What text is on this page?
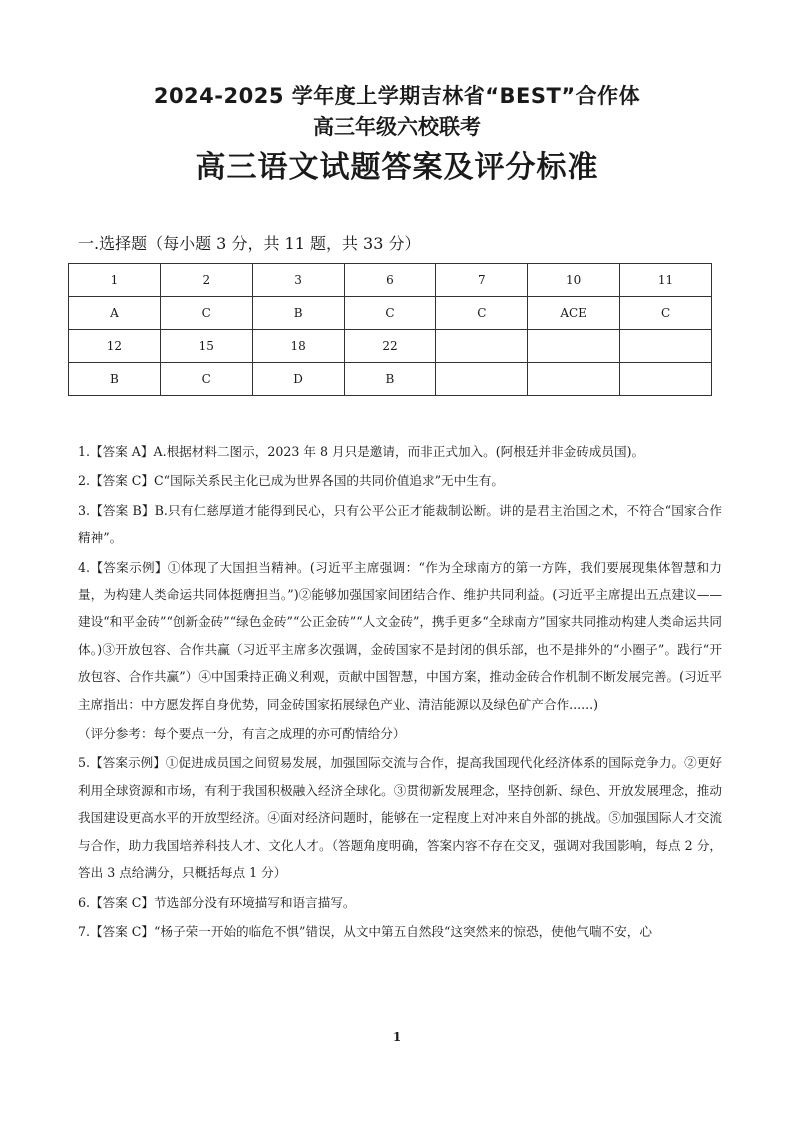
2024-2025 学年度上学期吉林省“BEST”合作体
高三年级六校联考
高三语文试题答案及评分标准
一.选择题（每小题 3 分，共 11 题，共 33 分）
1	2	3	6	7	10	11
A	C	B	C	C	ACE	C
12	15	18	22			
B	C	D	B			

1.【答案 A】A.根据材料二图示，2023 年 8 月只是邀请，而非正式加入。(阿根廷并非金砖成员国)。

2.【答案 C】C“国际关系民主化已成为世界各国的共同价值追求”无中生有。

3.【答案 B】B.只有仁慈厚道才能得到民心，只有公平公正才能裁制讼断。讲的是君主治国之术，不符合“国家合作精神”。

4.【答案示例】①体现了大国担当精神。(习近平主席强调：“作为全球南方的第一方阵，我们要展现集体智慧和力量，为构建人类命运共同体挺膺担当。”)②能够加强国家间团结合作、维护共同利益。(习近平主席提出五点建议——建设“和平金砖”“创新金砖”“绿色金砖”“公正金砖”“人文金砖”，携手更多“全球南方”国家共同推动构建人类命运共同体。)③开放包容、合作共赢（习近平主席多次强调，金砖国家不是封闭的俱乐部，也不是排外的“小圈子”。践行“开放包容、合作共赢”）④中国秉持正确义利观，贡献中国智慧，中国方案，推动金砖合作机制不断发展完善。(习近平主席指出：中方愿发挥自身优势，同金砖国家拓展绿色产业、清洁能源以及绿色矿产合作......)

（评分参考：每个要点一分，有言之成理的亦可酌情给分）

5.【答案示例】①促进成员国之间贸易发展，加强国际交流与合作，提高我国现代化经济体系的国际竞争力。②更好利用全球资源和市场，有利于我国积极融入经济全球化。③贯彻新发展理念，坚持创新、绿色、开放发展理念，推动我国建设更高水平的开放型经济。④面对经济问题时，能够在一定程度上对冲来自外部的挑战。⑤加强国际人才交流与合作，助力我国培养科技人才、文化人才。（答题角度明确，答案内容不存在交叉，强调对我国影响，每点 2 分，答出 3 点给满分，只概括每点 1 分）

6.【答案 C】节选部分没有环境描写和语言描写。

7.【答案 C】“杨子荣一开始的临危不惧”错误，从文中第五自然段“这突然来的惊恐，使他气喘不安，心

1
